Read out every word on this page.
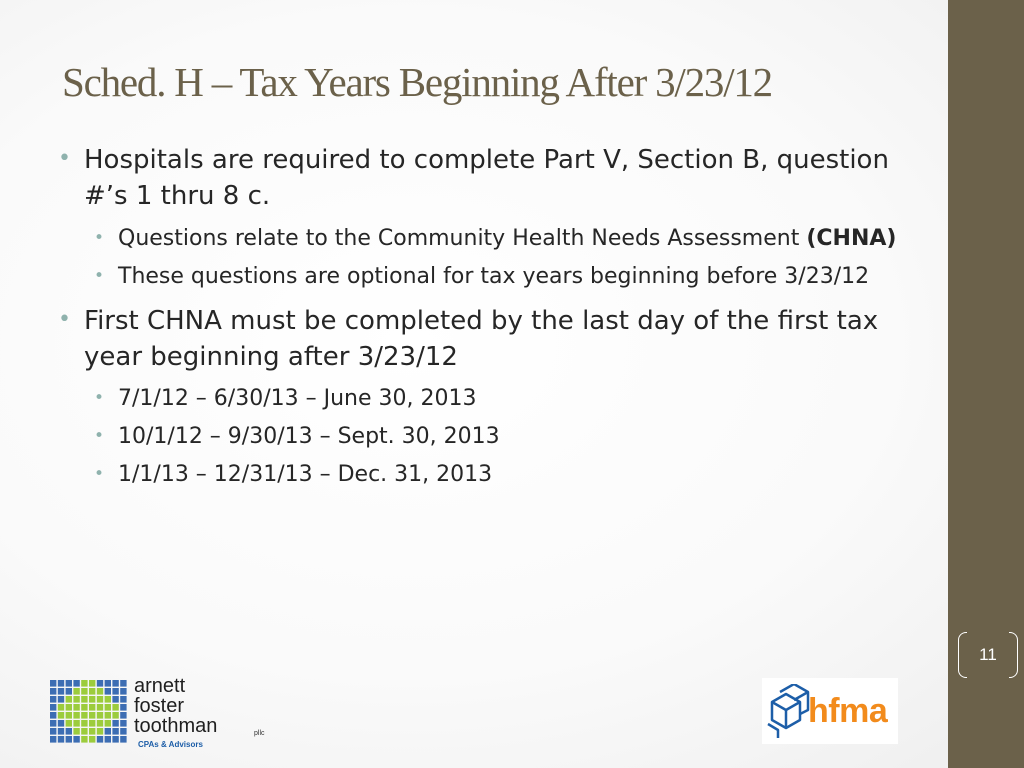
11
Sched. H – Tax Years Beginning After 3/23/12
• Hospitals are required to complete Part V, Section B, question #’s 1 thru 8 c.
• Questions relate to the Community Health Needs Assessment (CHNA)
• These questions are optional for tax years beginning before 3/23/12
• First CHNA must be completed by the last day of the first tax year beginning after 3/23/12
• 7/1/12 – 6/30/13 – June 30, 2013
• 10/1/12 – 9/30/13 – Sept. 30, 2013
• 1/1/13 – 12/31/13 – Dec. 31, 2013
arnett
foster
toothman	pllc
CPAs & Advisors
hfma
